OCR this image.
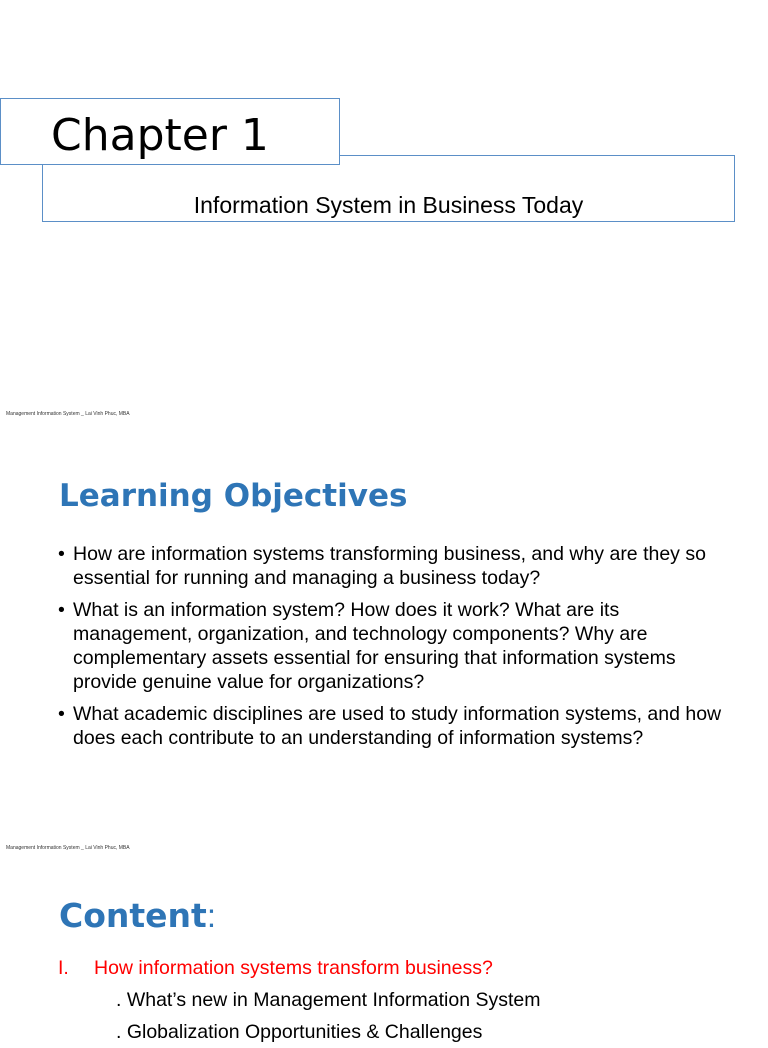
Chapter 1
Information System in Business Today
Management Information System _ Lai Vinh Phuc, MBA
Learning Objectives
• How are information systems transforming business, and why are they so essential for running and managing a business today?
• What is an information system? How does it work? What are its management, organization, and technology components? Why are complementary assets essential for ensuring that information systems provide genuine value for organizations?
• What academic disciplines are used to study information systems, and how does each contribute to an understanding of information systems?
Management Information System _ Lai Vinh Phuc, MBA
Content:
I. How information systems transform business?
. What’s new in Management Information System
. Globalization Opportunities & Challenges
